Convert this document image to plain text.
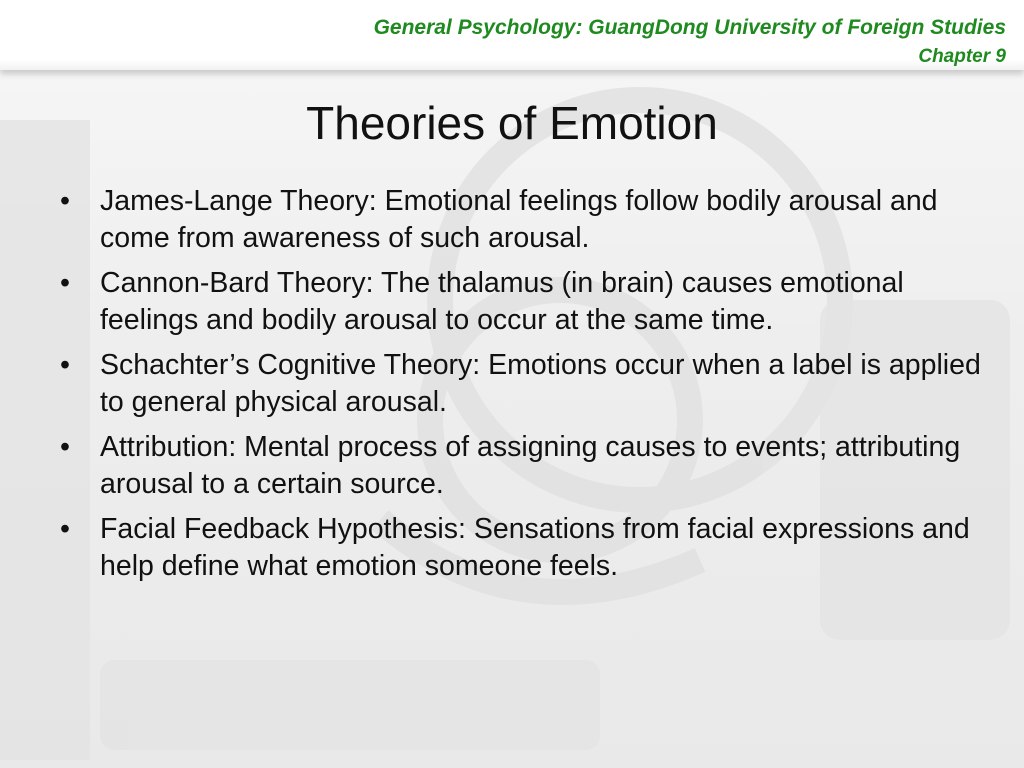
General Psychology: GuangDong University of Foreign Studies

Chapter 9

Theories of Emotion
•	James-Lange Theory: Emotional feelings follow bodily arousal and come from awareness of such arousal.
•	Cannon-Bard Theory: The thalamus (in brain) causes emotional feelings and bodily arousal to occur at the same time.
•	Schachter’s Cognitive Theory: Emotions occur when a label is applied to general physical arousal.
•	Attribution: Mental process of assigning causes to events; attributing arousal to a certain source.
•	Facial Feedback Hypothesis: Sensations from facial expressions and help define what emotion someone feels.
